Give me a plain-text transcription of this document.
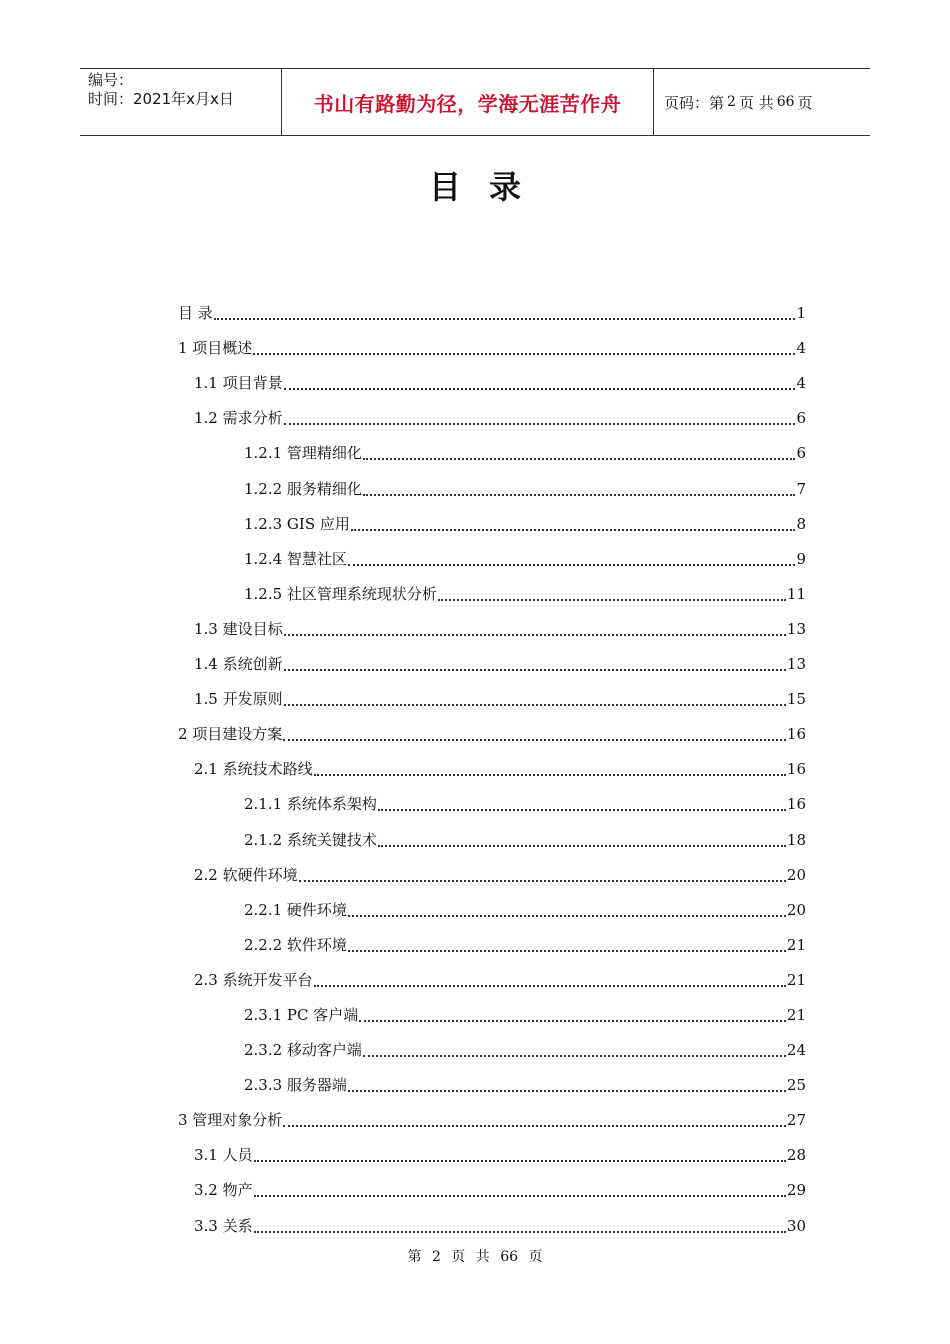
编号：
时间：2021年x月x日	书山有路勤为径，学海无涯苦作舟	页码：第 2 页 共 66 页
目录
目 录	1
1 项目概述	4
1.1 项目背景	4
1.2 需求分析	6
1.2.1 管理精细化	6
1.2.2 服务精细化	7
1.2.3 GIS 应用	8
1.2.4 智慧社区	9
1.2.5 社区管理系统现状分析	11
1.3 建设目标	13
1.4 系统创新	13
1.5 开发原则	15
2 项目建设方案	16
2.1 系统技术路线	16
2.1.1 系统体系架构	16
2.1.2 系统关键技术	18
2.2 软硬件环境	20
2.2.1 硬件环境	20
2.2.2 软件环境	21
2.3 系统开发平台	21
2.3.1 PC 客户端	21
2.3.2 移动客户端	24
2.3.3 服务器端	25
3 管理对象分析	27
3.1 人员	28
3.2 物产	29
3.3 关系	30
第 2 页 共 66 页
